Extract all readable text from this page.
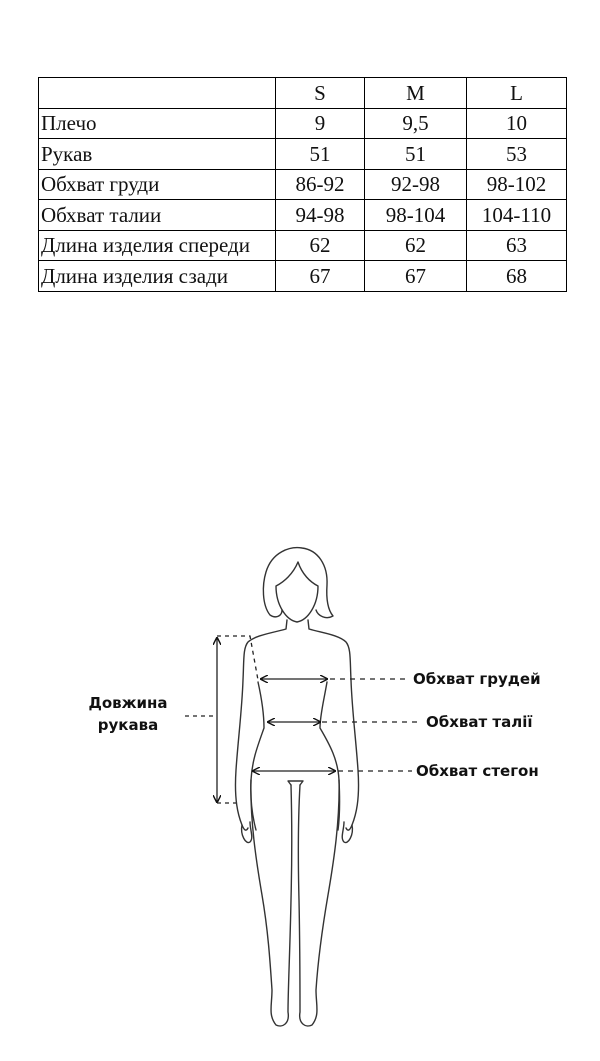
	S	M	L
Плечо	9	9,5	10
Рукав	51	51	53
Обхват груди	86-92	92-98	98-102
Обхват талии	94-98	98-104	104-110
Длина изделия спереди	62	62	63
Длина изделия сзади	67	67	68
Довжина
рукава
Обхват грудей
Обхват талії
Обхват стегон
